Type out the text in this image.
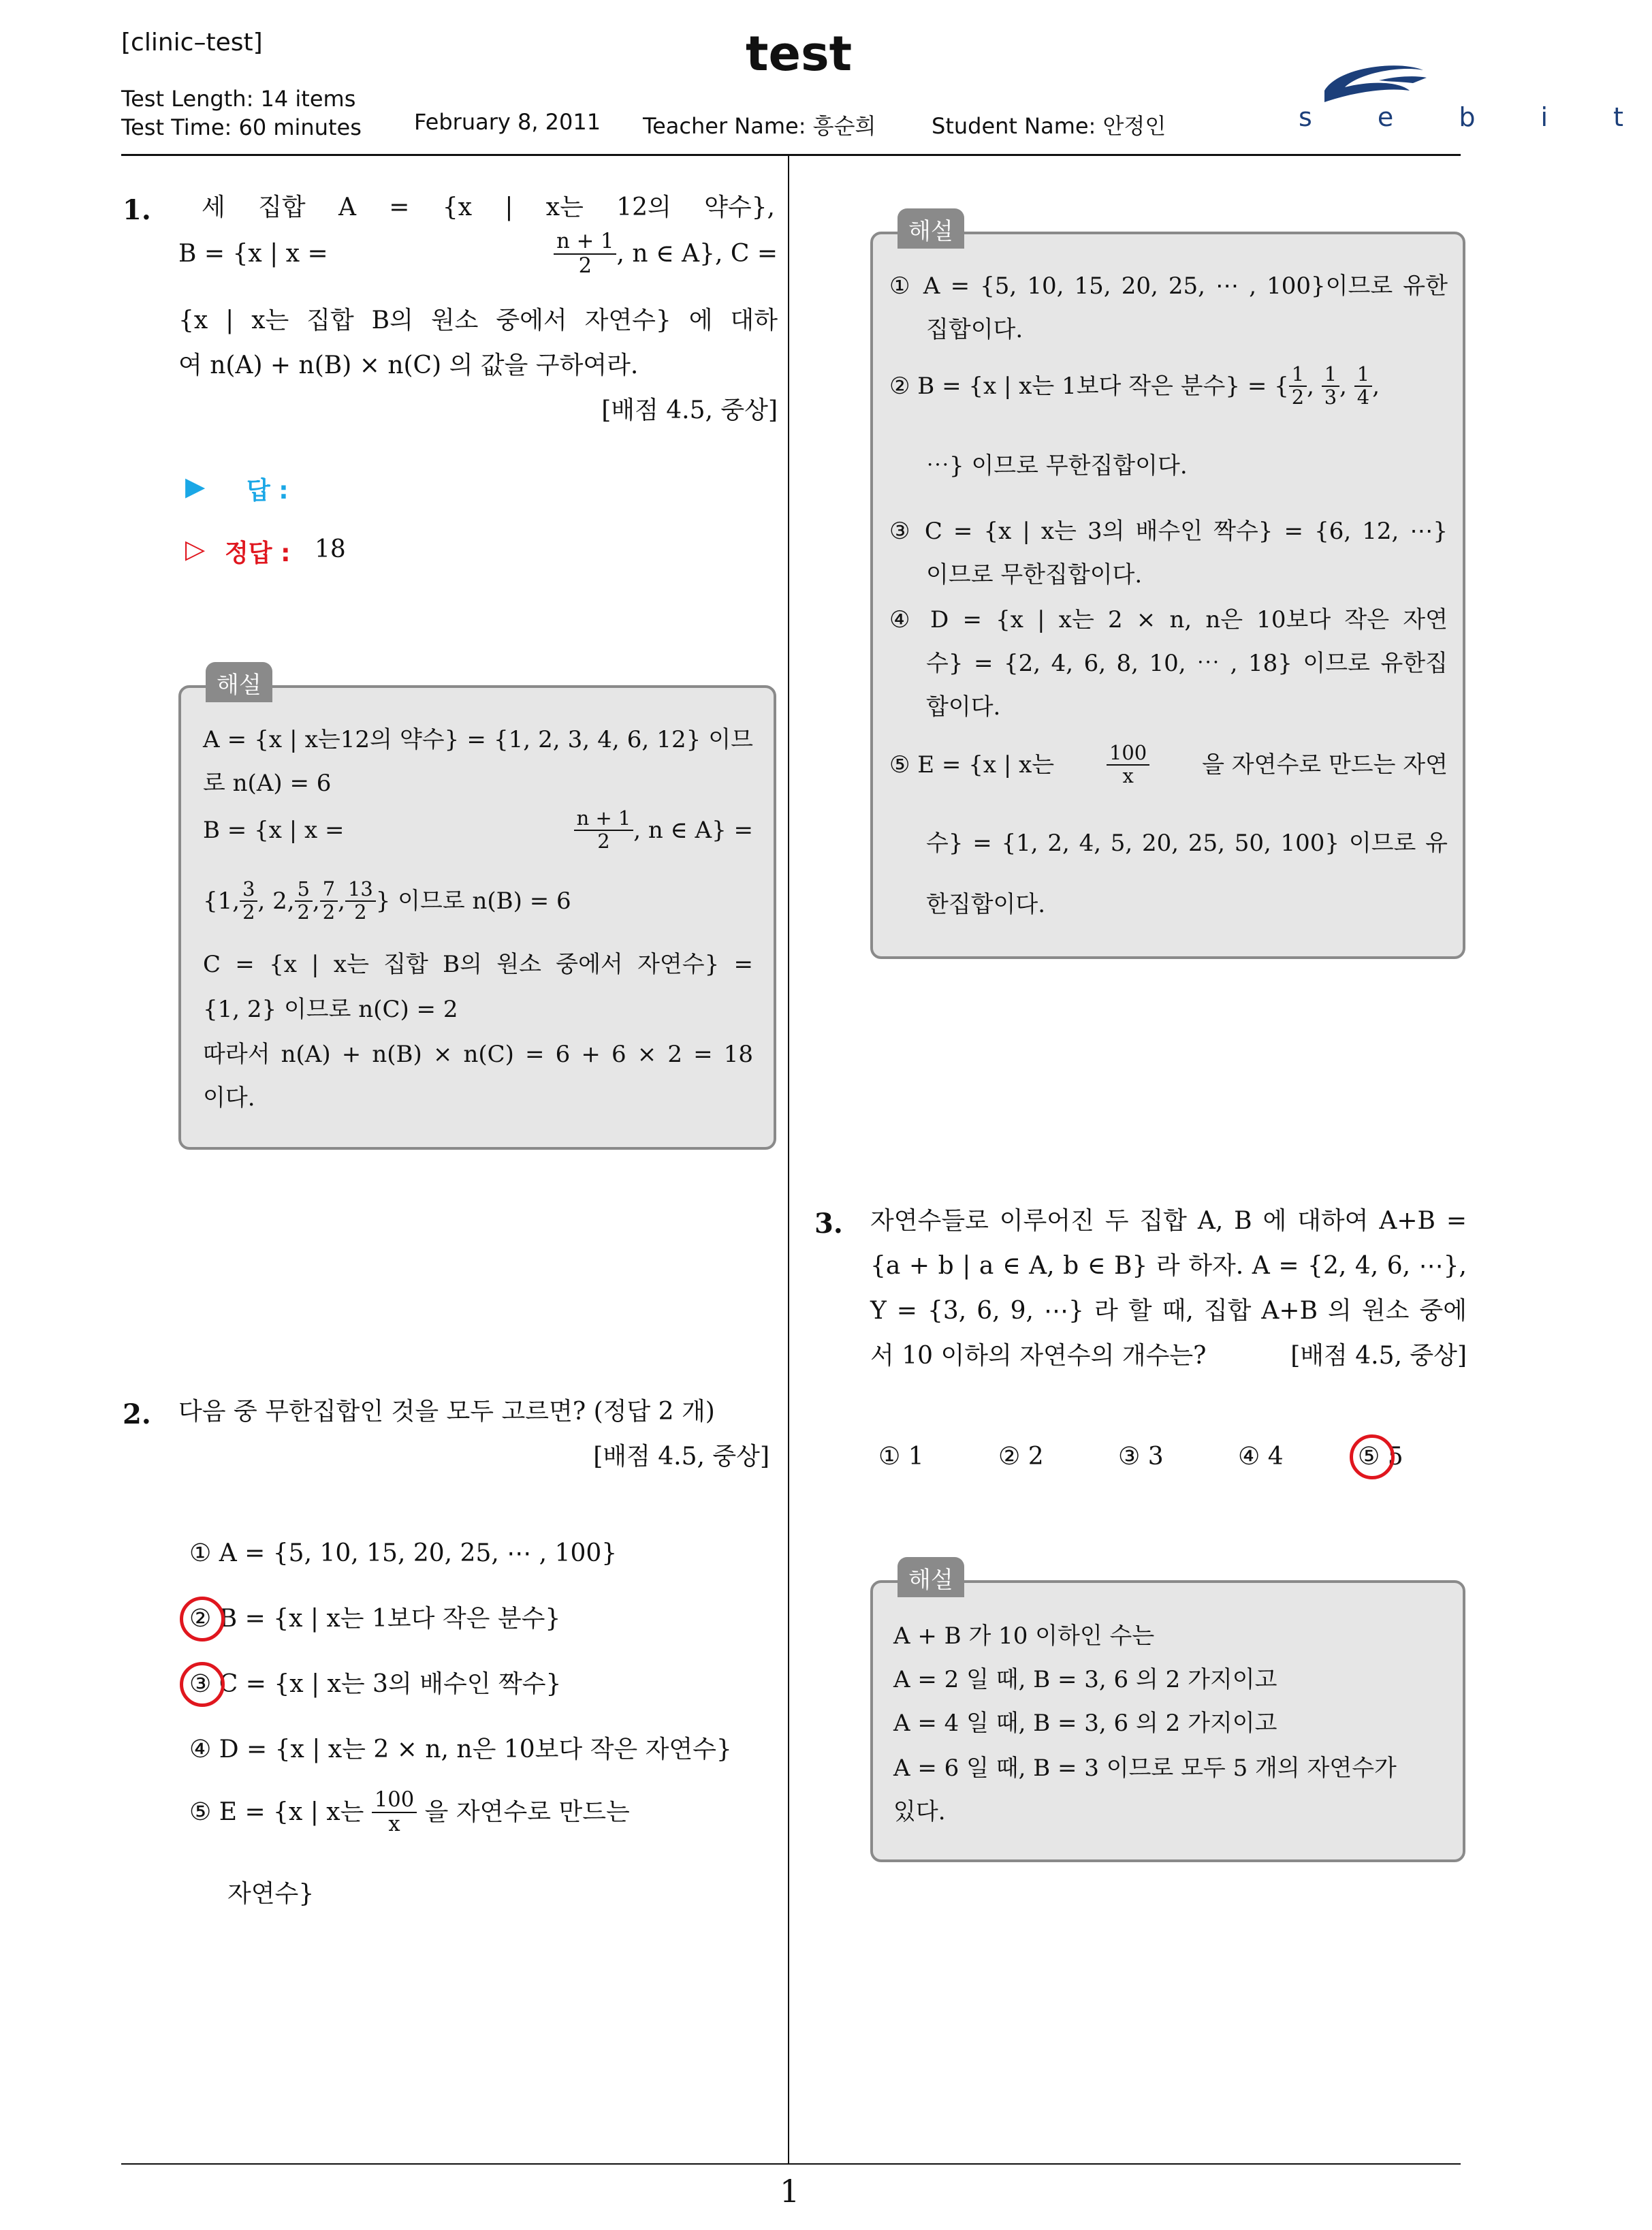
[clinic–test]	test
Test Length: 14 items
Test Time: 60 minutes February 8, 2011 Teacher Name: 흥순희	Student Name: 안정인	s e b i t
1. 세 집합 A = {x | x는 12의 약수},
B = {x | x =	$\frac{n + 1}{2}$ , n ∈ A}, C =
{x | x는 집합 B의 원소 중에서 자연수} 에 대하
여 n(A) + n(B) × n(C) 의 값을 구하여라.
[배점 4.5, 중상]
▶ 답 :
▷ 정답 : 18
해설
A = {x | x는12의 약수} = {1, 2, 3, 4, 6, 12} 이므
로 n(A) = 6
B = {x | x =	$\frac{n + 1}{2}$ , n ∈ A} =
{1, $\frac{3}{2}$ , 2, $\frac{5}{2}$ , $\frac{7}{2}$ , $\frac{13}{2}$ } 이므로 n(B) = 6
C = {x | x는 집합 B의 원소 중에서 자연수} =
{1, 2} 이므로 n(C) = 2
따라서 n(A) + n(B) × n(C) = 6 + 6 × 2 = 18
이다.
2. 다음 중 무한집합인 것을 모두 고르면? (정답 2 개)
[배점 4.5, 중상]
① A = {5, 10, 15, 20, 25, ⋯ , 100}
② B = {x | x는 1보다 작은 분수}
③ C = {x | x는 3의 배수인 짝수}
④ D = {x | x는 2 × n, n은 10보다 작은 자연수}
⑤ E = {x | x는
$\frac{100}{x}$
을 자연수로 만드는
자연수}
해설
① A = {5, 10, 15, 20, 25, ⋯ , 100}이므로 유한
집합이다.
② B = {x | x는 1보다 작은 분수} = { $\frac{1}{2}$ , $\frac{1}{3}$ , $\frac{1}{4}$ ,
⋯} 이므로 무한집합이다.
③ C = {x | x는 3의 배수인 짝수} = {6, 12, ⋯}
이므로 무한집합이다.
④ D = {x | x는 2 × n, n은 10보다 작은 자연
수} = {2, 4, 6, 8, 10, ⋯ , 18} 이므로 유한집
합이다.
⑤ E = {x | x는	$\frac{100}{x}$ 을 자연수로 만드는 자연
수} = {1, 2, 4, 5, 20, 25, 50, 100} 이므로 유
한집합이다.
3. 자연수들로 이루어진 두 집합 A, B 에 대하여 A+B =
{a + b | a ∈ A, b ∈ B} 라 하자. A = {2, 4, 6, ⋯},
Y = {3, 6, 9, ⋯} 라 할 때, 집합 A+B 의 원소 중에
서 10 이하의 자연수의 개수는?	[배점 4.5, 중상]
① 1	② 2	③ 3	④ 4	⑤ 5
해설
A + B 가 10 이하인 수는
A = 2 일 때, B = 3, 6 의 2 가지이고
A = 4 일 때, B = 3, 6 의 2 가지이고
A = 6 일 때, B = 3 이므로 모두 5 개의 자연수가
있다.
1
